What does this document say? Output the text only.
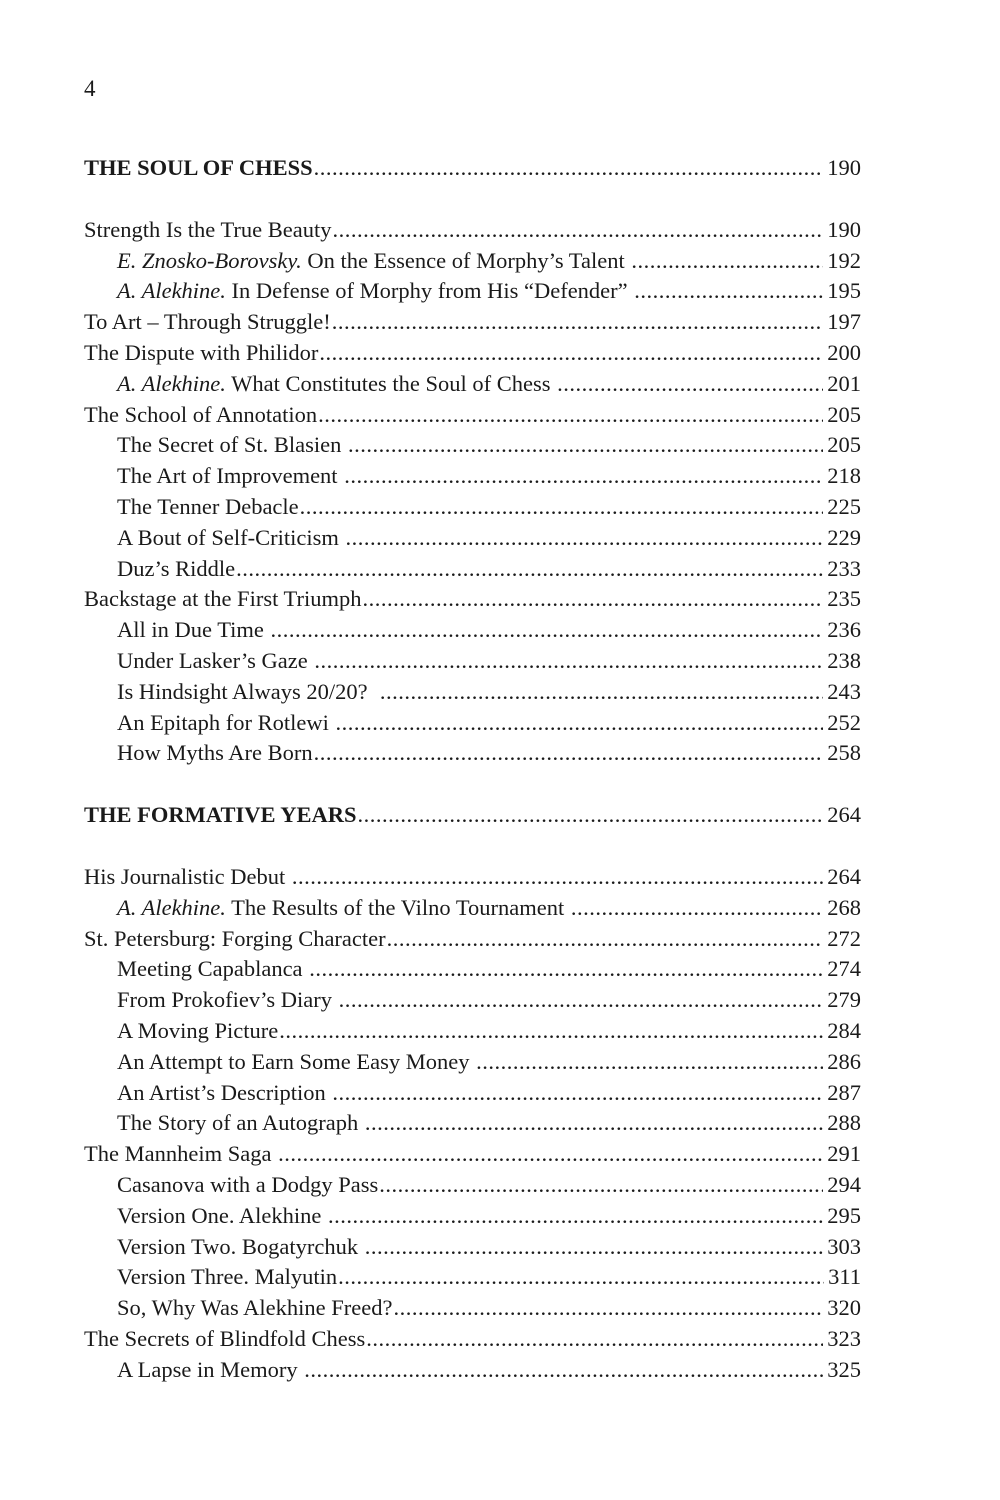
4
THE SOUL OF CHESS .....	190
Strength Is the True Beauty .....	190
E. Znosko-Borovsky. On the Essence of Morphy’s Talent .....	192
A. Alekhine. In Defense of Morphy from His “Defender” .....	195
To Art – Through Struggle! .....	197
The Dispute with Philidor .....	200
A. Alekhine. What Constitutes the Soul of Chess .....	201
The School of Annotation .....	205
The Secret of St. Blasien .....	205
The Art of Improvement .....	218
The Tenner Debacle .....	225
A Bout of Self-Criticism .....	229
Duz’s Riddle .....	233
Backstage at the First Triumph .....	235
All in Due Time .....	236
Under Lasker’s Gaze .....	238
Is Hindsight Always 20/20? .....	243
An Epitaph for Rotlewi .....	252
How Myths Are Born .....	258
THE FORMATIVE YEARS .....	264
His Journalistic Debut .....	264
A. Alekhine. The Results of the Vilno Tournament .....	268
St. Petersburg: Forging Character .....	272
Meeting Capablanca .....	274
From Prokofiev’s Diary .....	279
A Moving Picture .....	284
An Attempt to Earn Some Easy Money .....	286
An Artist’s Description .....	287
The Story of an Autograph .....	288
The Mannheim Saga .....	291
Casanova with a Dodgy Pass .....	294
Version One. Alekhine .....	295
Version Two. Bogatyrchuk .....	303
Version Three. Malyutin .....	311
So, Why Was Alekhine Freed? .....	320
The Secrets of Blindfold Chess .....	323
A Lapse in Memory .....	325
